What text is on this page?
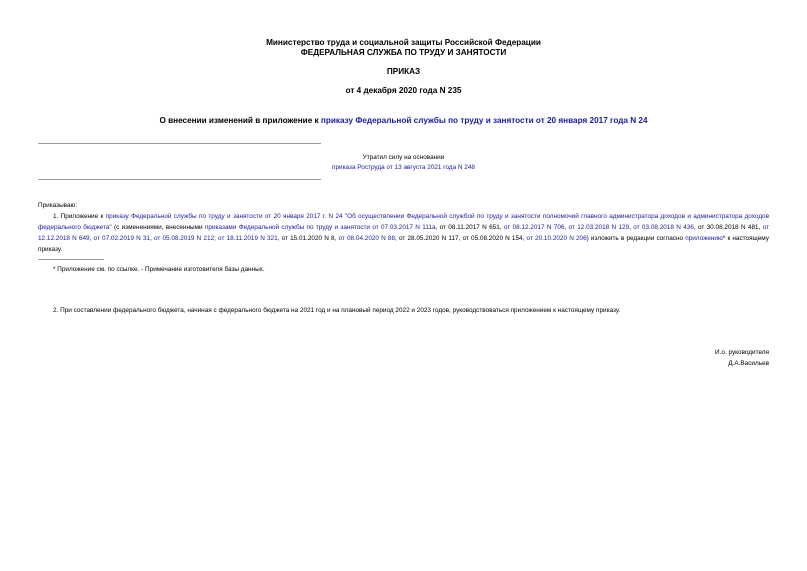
Министерство труда и социальной защиты Российской Федерации
ФЕДЕРАЛЬНАЯ СЛУЖБА ПО ТРУДУ И ЗАНЯТОСТИ
ПРИКАЗ
от 4 декабря 2020 года N 235
О внесении изменений в приложение к приказу Федеральной службы по труду и занятости от 20 января 2017 года N 24
Утратил силу на основании
приказа Роструда от 13 августа 2021 года N 248
Приказываю:
1. Приложение к приказу Федеральной службы по труду и занятости от 20 января 2017 г. N 24 "Об осуществлении Федеральной службой по труду и занятости полномочий главного администратора доходов и администратора доходов федерального бюджета" (с изменениями, внесенными приказами Федеральной службы по труду и занятости от 07.03.2017 N 111а, от 08.11.2017 N 651, от 08.12.2017 N 706, от 12.03.2018 N 129, от 03.08.2018 N 436, от 30.08.2018 N 481, от 12.12.2018 N 649, от 07.02.2019 N 31, от 05.08.2019 N 212; от 18.11.2019 N 321, от 15.01.2020 N 8, от 08.04.2020 N 88, от 28.05.2020 N 117, от 05.08.2020 N 154, от 20.10.2020 N 206) изложить в редакции согласно приложению* к настоящему приказу.
* Приложение см. по ссылке. - Примечание изготовителя базы данных.
2. При составлении федерального бюджета, начиная с федерального бюджета на 2021 год и на плановый период 2022 и 2023 годов, руководствоваться приложением к настоящему приказу.
И.о. руководителя
Д.А.Васильев
